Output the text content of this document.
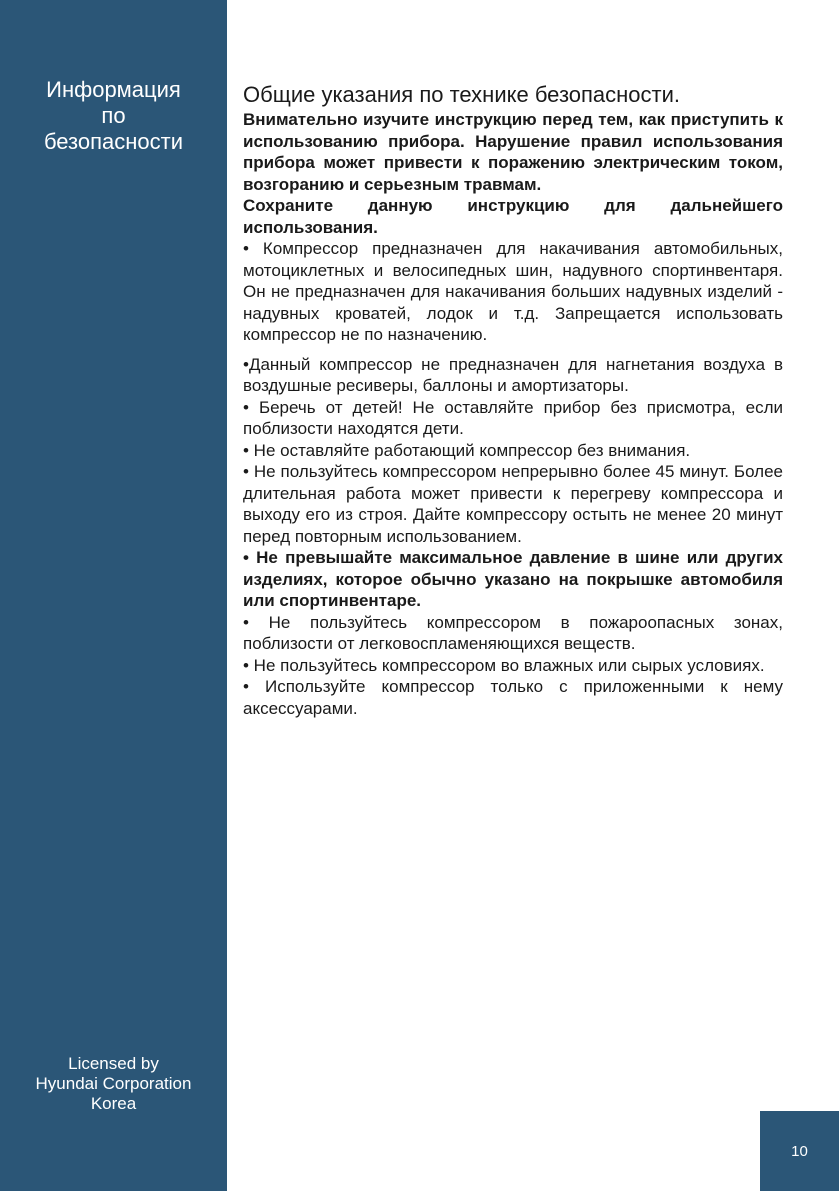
Информация
по
безопасности
Licensed by
Hyundai Corporation
Korea
10
Общие указания по технике безопасности.

Внимательно изучите инструкцию перед тем, как приступить к использованию прибора. Нарушение правил использования прибора может привести к поражению электрическим током, возгоранию и серьезным травмам.

Сохраните данную инструкцию для дальнейшего использования.

• Компрессор предназначен для накачивания автомобильных, мотоциклетных и велосипедных шин, надувного спортинвентаря. Он не предназначен для накачивания больших надувных изделий - надувных кроватей, лодок и т.д. Запрещается использовать компрессор не по назначению.

•Данный компрессор не предназначен для нагнетания воздуха в воздушные ресиверы, баллоны и амортизаторы.

• Беречь от детей! Не оставляйте прибор без присмотра, если поблизости находятся дети.

• Не оставляйте работающий компрессор без внимания.

• Не пользуйтесь компрессором непрерывно более 45 минут. Более длительная работа может привести к перегреву компрессора и выходу его из строя. Дайте компрессору остыть не менее 20 минут перед повторным использованием.

• Не превышайте максимальное давление в шине или других изделиях, которое обычно указано на покрышке автомобиля или спортинвентаре.

• Не пользуйтесь компрессором в пожароопасных зонах, поблизости от легковоспламеняющихся веществ.

• Не пользуйтесь компрессором во влажных или сырых условиях.

• Используйте компрессор только с приложенными к нему аксессуарами.
